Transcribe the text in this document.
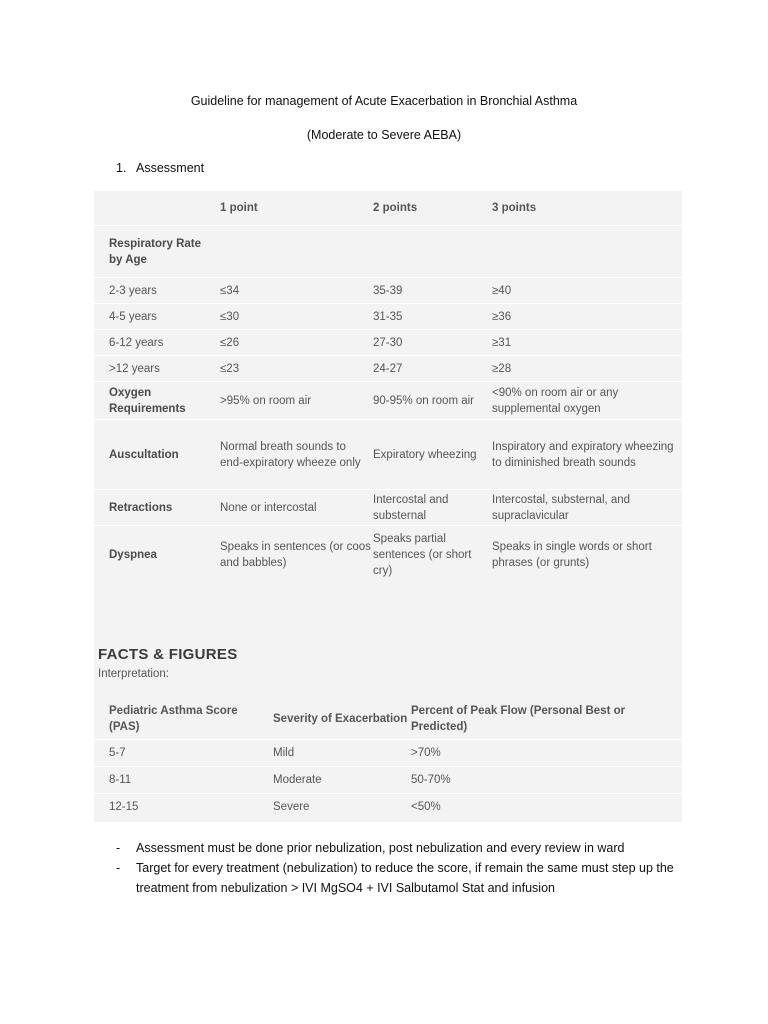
Guideline for management of Acute Exacerbation in Bronchial Asthma
(Moderate to Severe AEBA)
1. Assessment
	1 point	2 points	3 points
Respiratory Rate by Age			
2-3 years	≤34	35-39	≥40
4-5 years	≤30	31-35	≥36
6-12 years	≤26	27-30	≥31
>12 years	≤23	24-27	≥28
Oxygen Requirements	>95% on room air	90-95% on room air	<90% on room air or any supplemental oxygen
Auscultation	Normal breath sounds to end-expiratory wheeze only	Expiratory wheezing	Inspiratory and expiratory wheezing to diminished breath sounds
Retractions	None or intercostal	Intercostal and substernal	Intercostal, substernal, and supraclavicular
Dyspnea	Speaks in sentences (or coos and babbles)	Speaks partial sentences (or short cry)	Speaks in single words or short phrases (or grunts)
FACTS & FIGURES
Interpretation:
Pediatric Asthma Score (PAS)	Severity of Exacerbation	Percent of Peak Flow (Personal Best or Predicted)
5-7	Mild	>70%
8-11	Moderate	50-70%
12-15	Severe	<50%
- Assessment must be done prior nebulization, post nebulization and every review in ward
- Target for every treatment (nebulization) to reduce the score, if remain the same must step up the treatment from nebulization > IVI MgSO4 + IVI Salbutamol Stat and infusion
